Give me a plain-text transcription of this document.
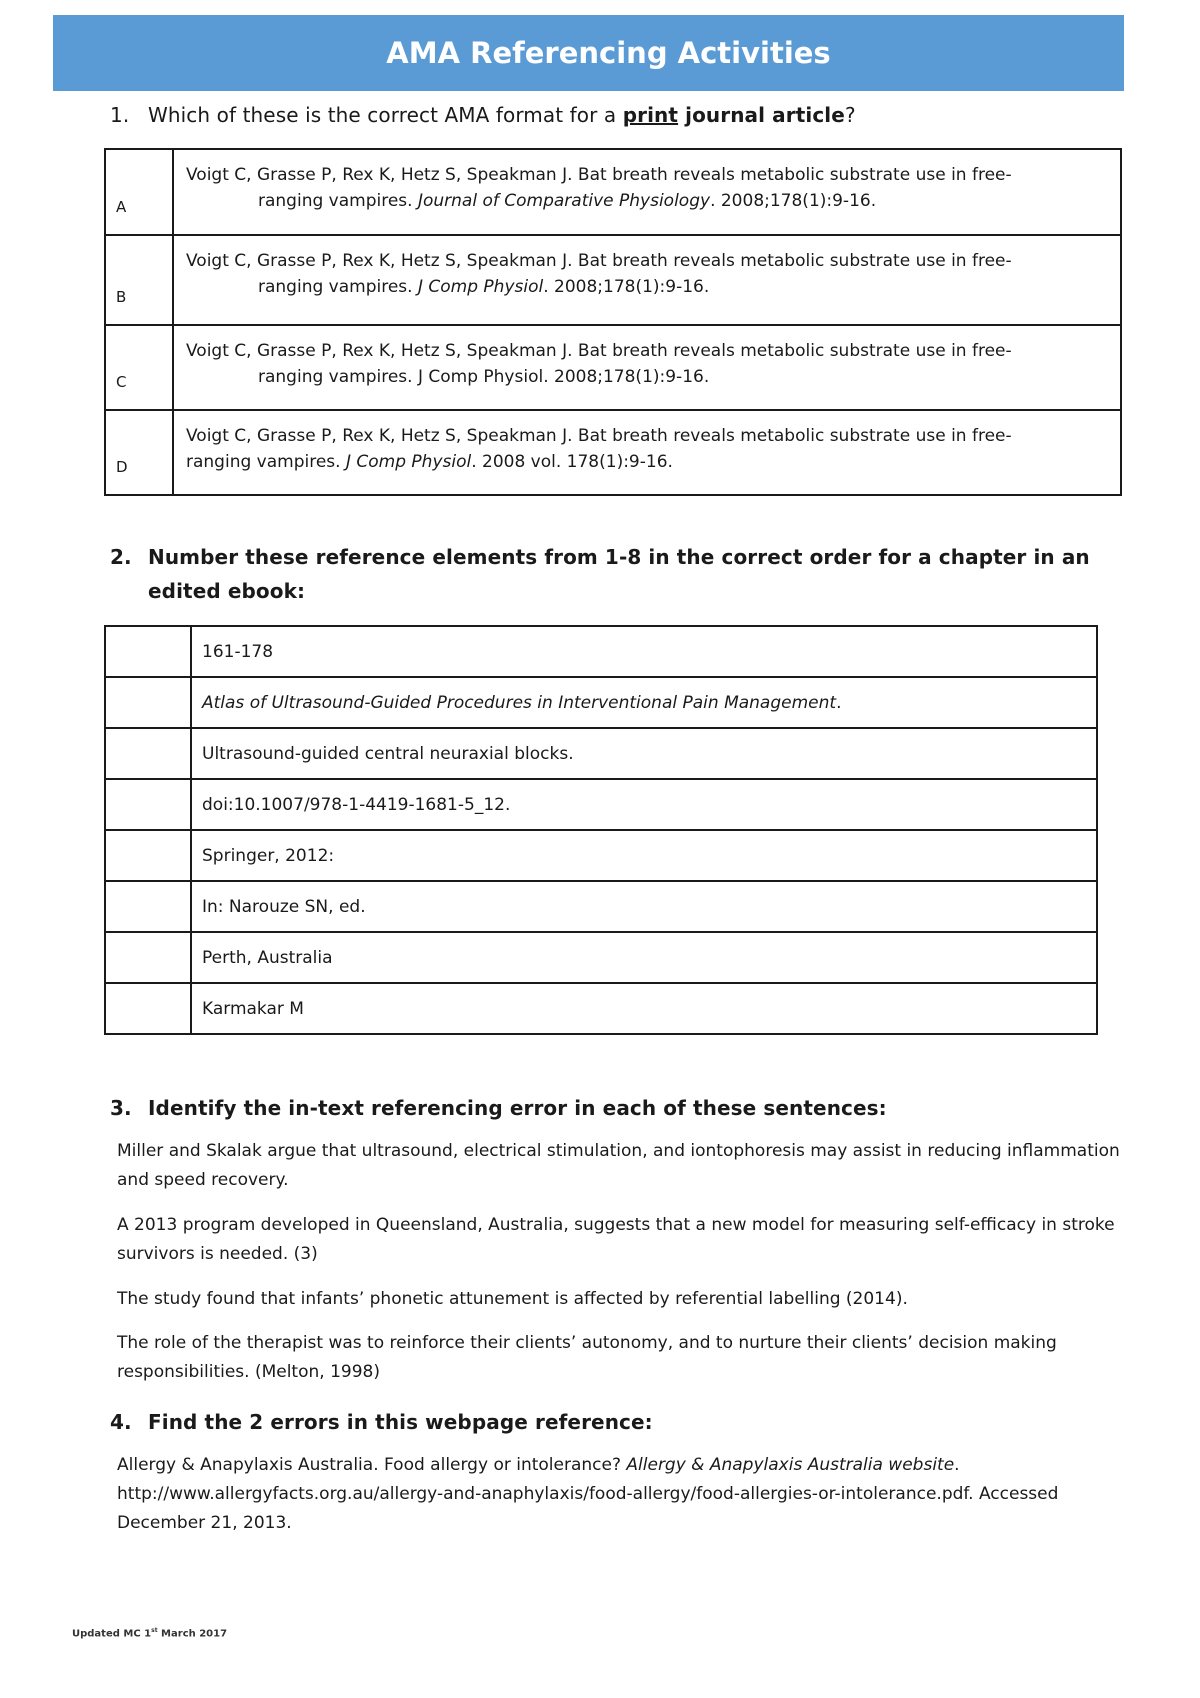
AMA Referencing Activities
1. Which of these is the correct AMA format for a print journal article?
A	Voigt C, Grasse P, Rex K, Hetz S, Speakman J. Bat breath reveals metabolic substrate use in free-
ranging vampires. Journal of Comparative Physiology. 2008;178(1):9-16.

B	Voigt C, Grasse P, Rex K, Hetz S, Speakman J. Bat breath reveals metabolic substrate use in free-
ranging vampires. J Comp Physiol. 2008;178(1):9-16.

C	Voigt C, Grasse P, Rex K, Hetz S, Speakman J. Bat breath reveals metabolic substrate use in free-
ranging vampires. J Comp Physiol. 2008;178(1):9-16.

D	Voigt C, Grasse P, Rex K, Hetz S, Speakman J. Bat breath reveals metabolic substrate use in free-
ranging vampires. J Comp Physiol. 2008 vol. 178(1):9-16.
2. Number these reference elements from 1-8 in the correct order for a chapter in an edited ebook:
	161-178
	Atlas of Ultrasound-Guided Procedures in Interventional Pain Management.
	Ultrasound-guided central neuraxial blocks.
	doi:10.1007/978-1-4419-1681-5_12.
	Springer, 2012:
	In: Narouze SN, ed.
	Perth, Australia
	Karmakar M
3. Identify the in-text referencing error in each of these sentences:
Miller and Skalak argue that ultrasound, electrical stimulation, and iontophoresis may assist in reducing inflammation and speed recovery.
A 2013 program developed in Queensland, Australia, suggests that a new model for measuring self-efficacy in stroke survivors is needed. (3)
The study found that infants’ phonetic attunement is affected by referential labelling (2014).
The role of the therapist was to reinforce their clients’ autonomy, and to nurture their clients’ decision making responsibilities. (Melton, 1998)
4. Find the 2 errors in this webpage reference:
Allergy & Anapylaxis Australia. Food allergy or intolerance? Allergy & Anapylaxis Australia website. http://www.allergyfacts.org.au/allergy-and-anaphylaxis/food-allergy/food-allergies-or-intolerance.pdf. Accessed December 21, 2013.
Updated MC 1st March 2017
